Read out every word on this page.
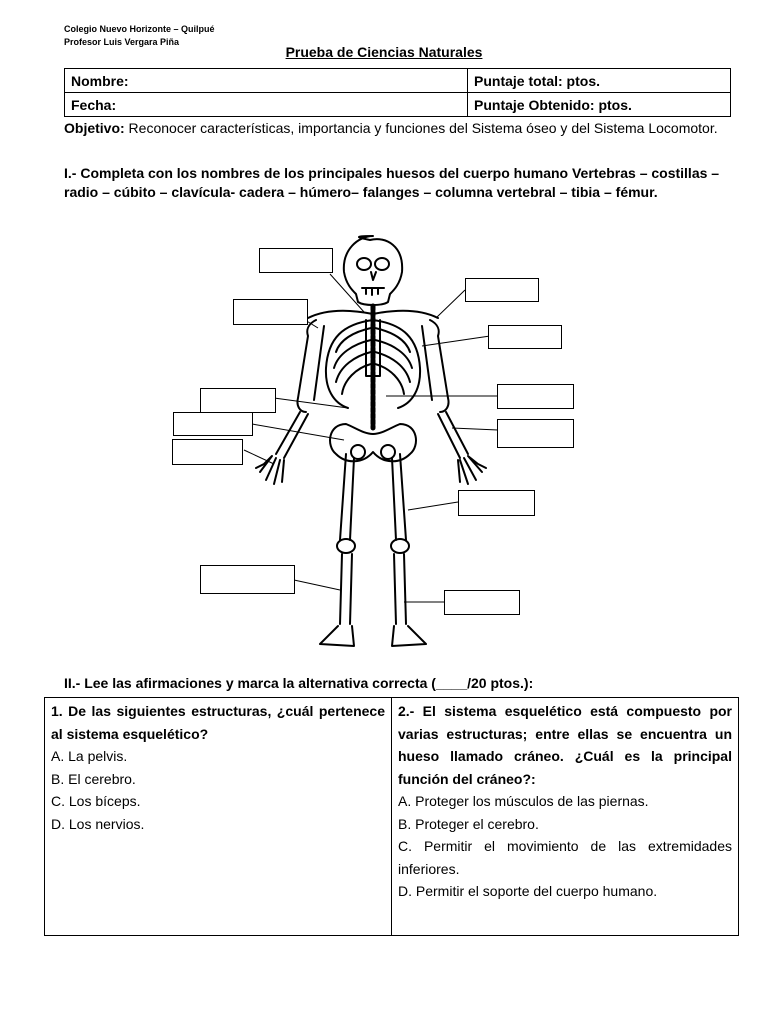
Colegio Nuevo Horizonte – Quilpué
Profesor Luis Vergara Piña
Prueba de Ciencias Naturales
Nombre:	Puntaje total: ptos.
Fecha:	Puntaje Obtenido: ptos.
Objetivo: Reconocer características, importancia y funciones del Sistema óseo y del Sistema Locomotor.
I.- Completa con los nombres de los principales huesos del cuerpo humano Vertebras – costillas – radio – cúbito – clavícula- cadera – húmero– falanges – columna vertebral – tibia – fémur.
II.- Lee las afirmaciones y marca la alternativa correcta (____/20 ptos.):
1. De las siguientes estructuras, ¿cuál pertenece al sistema esquelético?
A. La pelvis.
B. El cerebro.
C. Los bíceps.
D. Los nervios.

2.- El sistema esquelético está compuesto por varias estructuras; entre ellas se encuentra un hueso llamado cráneo. ¿Cuál es la principal función del cráneo?:
A. Proteger los músculos de las piernas.
B. Proteger el cerebro.
C. Permitir el movimiento de las extremidades inferiores.
D. Permitir el soporte del cuerpo humano.
